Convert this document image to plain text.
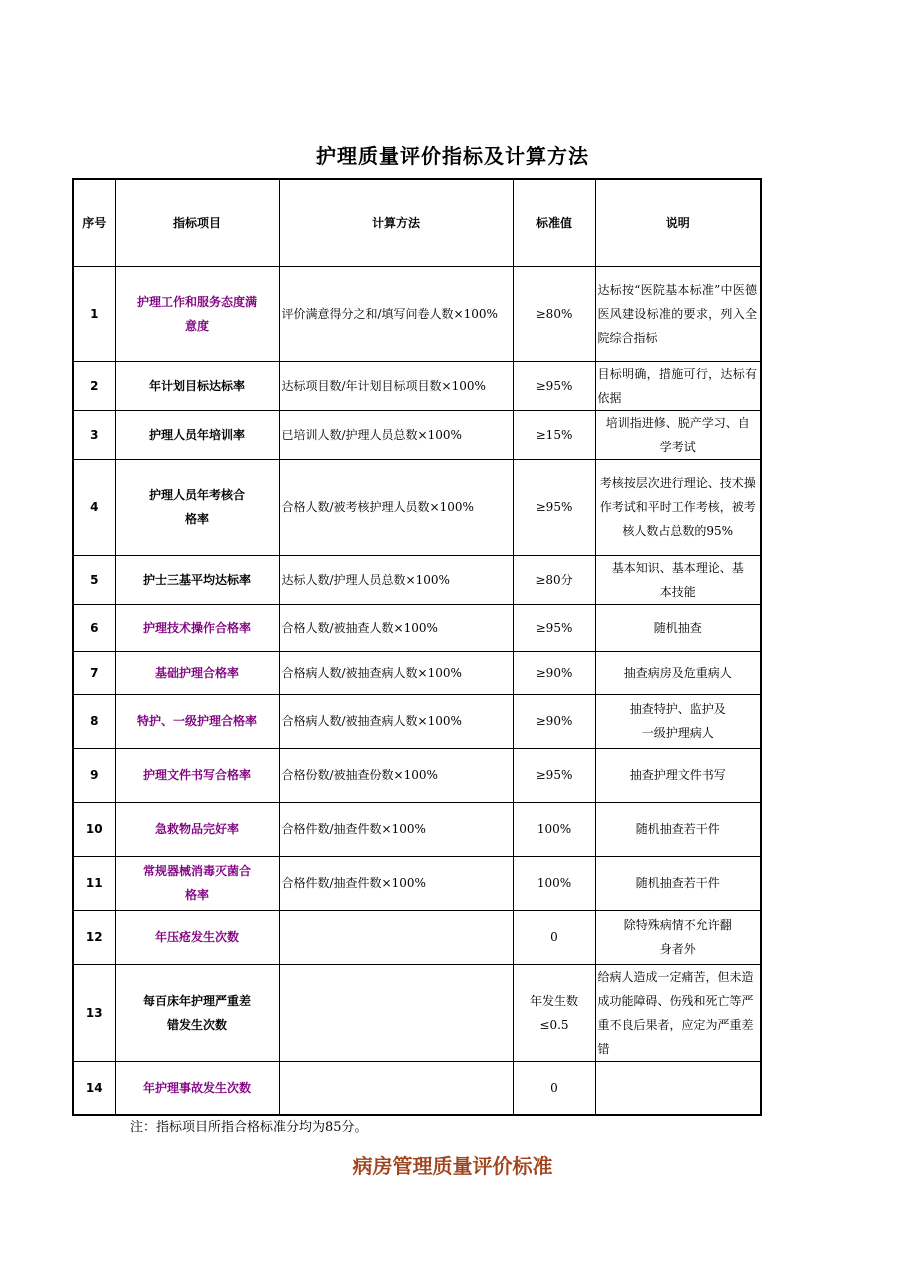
护理质量评价指标及计算方法
序号	指标项目	计算方法	标准值	说明
1	护理工作和服务态度满意度	评价满意得分之和/填写问卷人数×100%	≥80%	达标按“医院基本标准”中医德医风建设标准的要求，列入全院综合指标
2	年计划目标达标率	达标项目数/年计划目标项目数×100%	≥95%	目标明确，措施可行，达标有依据
3	护理人员年培训率	已培训人数/护理人员总数×100%	≥15%	培训指进修、脱产学习、自学考试
4	护理人员年考核合格率	合格人数/被考核护理人员数×100%	≥95%	考核按层次进行理论、技术操作考试和平时工作考核，被考核人数占总数的95%
5	护士三基平均达标率	达标人数/护理人员总数×100%	≥80分	基本知识、基本理论、基本技能
6	护理技术操作合格率	合格人数/被抽查人数×100%	≥95%	随机抽查
7	基础护理合格率	合格病人数/被抽查病人数×100%	≥90%	抽查病房及危重病人
8	特护、一级护理合格率	合格病人数/被抽查病人数×100%	≥90%	抽查特护、监护及一级护理病人
9	护理文件书写合格率	合格份数/被抽查份数×100%	≥95%	抽查护理文件书写
10	急救物品完好率	合格件数/抽查件数×100%	100%	随机抽查若干件
11	常规器械消毒灭菌合格率	合格件数/抽查件数×100%	100%	随机抽查若干件
12	年压疮发生次数		0	除特殊病情不允许翻身者外
13	每百床年护理严重差错发生次数		年发生数≤0.5	给病人造成一定痛苦，但未造成功能障碍、伤残和死亡等严重不良后果者，应定为严重差错
14	年护理事故发生次数		0	
注：指标项目所指合格标准分均为85分。
病房管理质量评价标准
